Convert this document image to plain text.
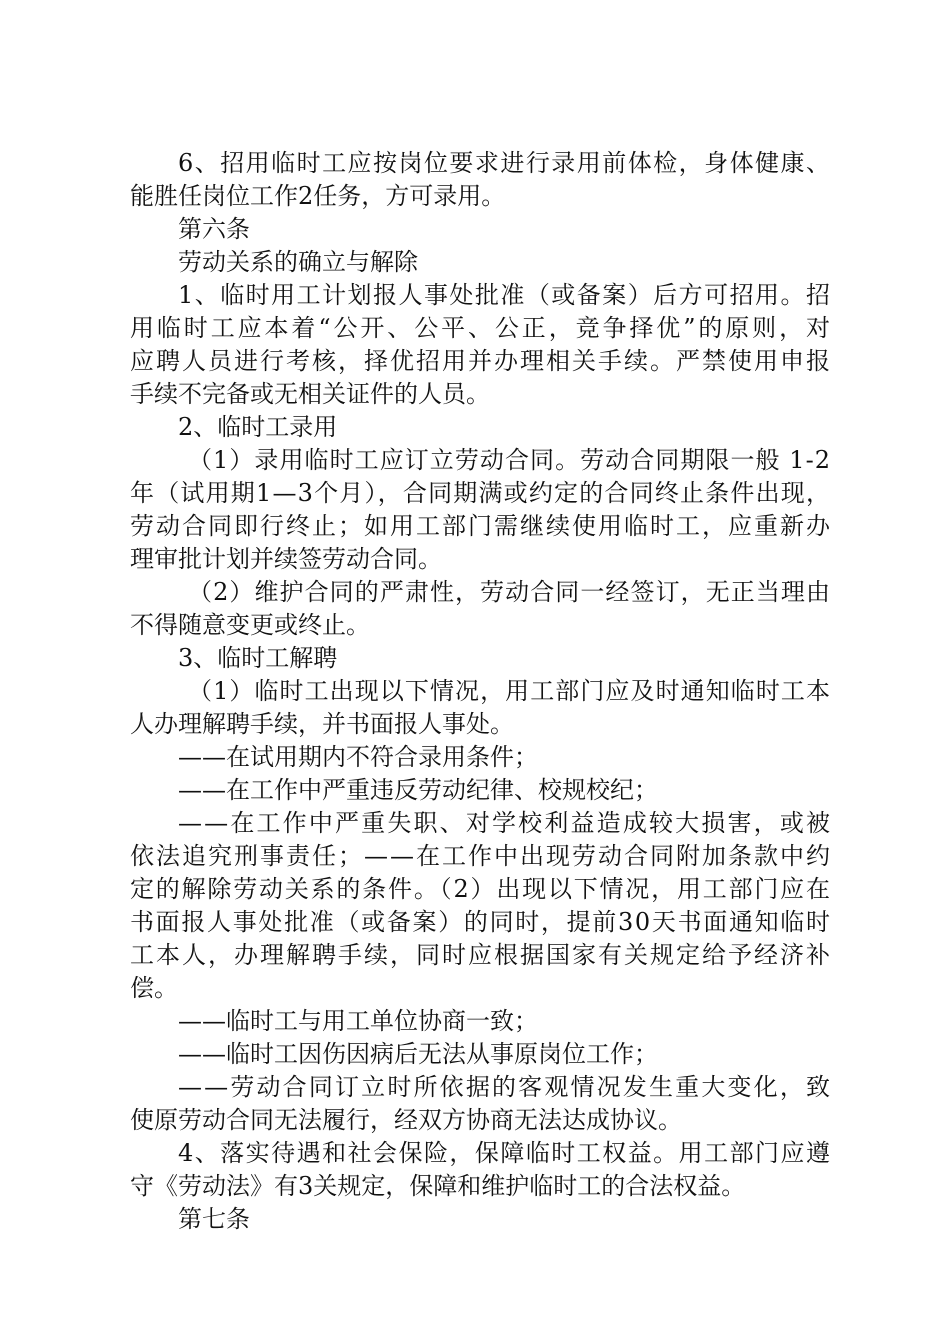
6、招用临时工应按岗位要求进行录用前体检，身体健康、
能胜任岗位工作2任务，方可录用。
第六条
劳动关系的确立与解除
1、临时用工计划报人事处批准（或备案）后方可招用。招
用临时工应本着“公开、公平、公正，竞争择优”的原则，对
应聘人员进行考核，择优招用并办理相关手续。严禁使用申报
手续不完备或无相关证件的人员。
2、临时工录用
（1）录用临时工应订立劳动合同。劳动合同期限一般 1-2
年（试用期1—3个月），合同期满或约定的合同终止条件出现，
劳动合同即行终止；如用工部门需继续使用临时工，应重新办
理审批计划并续签劳动合同。
（2）维护合同的严肃性，劳动合同一经签订，无正当理由
不得随意变更或终止。
3、临时工解聘
（1）临时工出现以下情况，用工部门应及时通知临时工本
人办理解聘手续，并书面报人事处。
——在试用期内不符合录用条件；
——在工作中严重违反劳动纪律、校规校纪；
——在工作中严重失职、对学校利益造成较大损害，或被
依法追究刑事责任；——在工作中出现劳动合同附加条款中约
定的解除劳动关系的条件。（2）出现以下情况，用工部门应在
书面报人事处批准（或备案）的同时，提前30天书面通知临时
工本人，办理解聘手续，同时应根据国家有关规定给予经济补
偿。
——临时工与用工单位协商一致；
——临时工因伤因病后无法从事原岗位工作；
——劳动合同订立时所依据的客观情况发生重大变化，致
使原劳动合同无法履行，经双方协商无法达成协议。
4、落实待遇和社会保险，保障临时工权益。用工部门应遵
守《劳动法》有3关规定，保障和维护临时工的合法权益。
第七条
